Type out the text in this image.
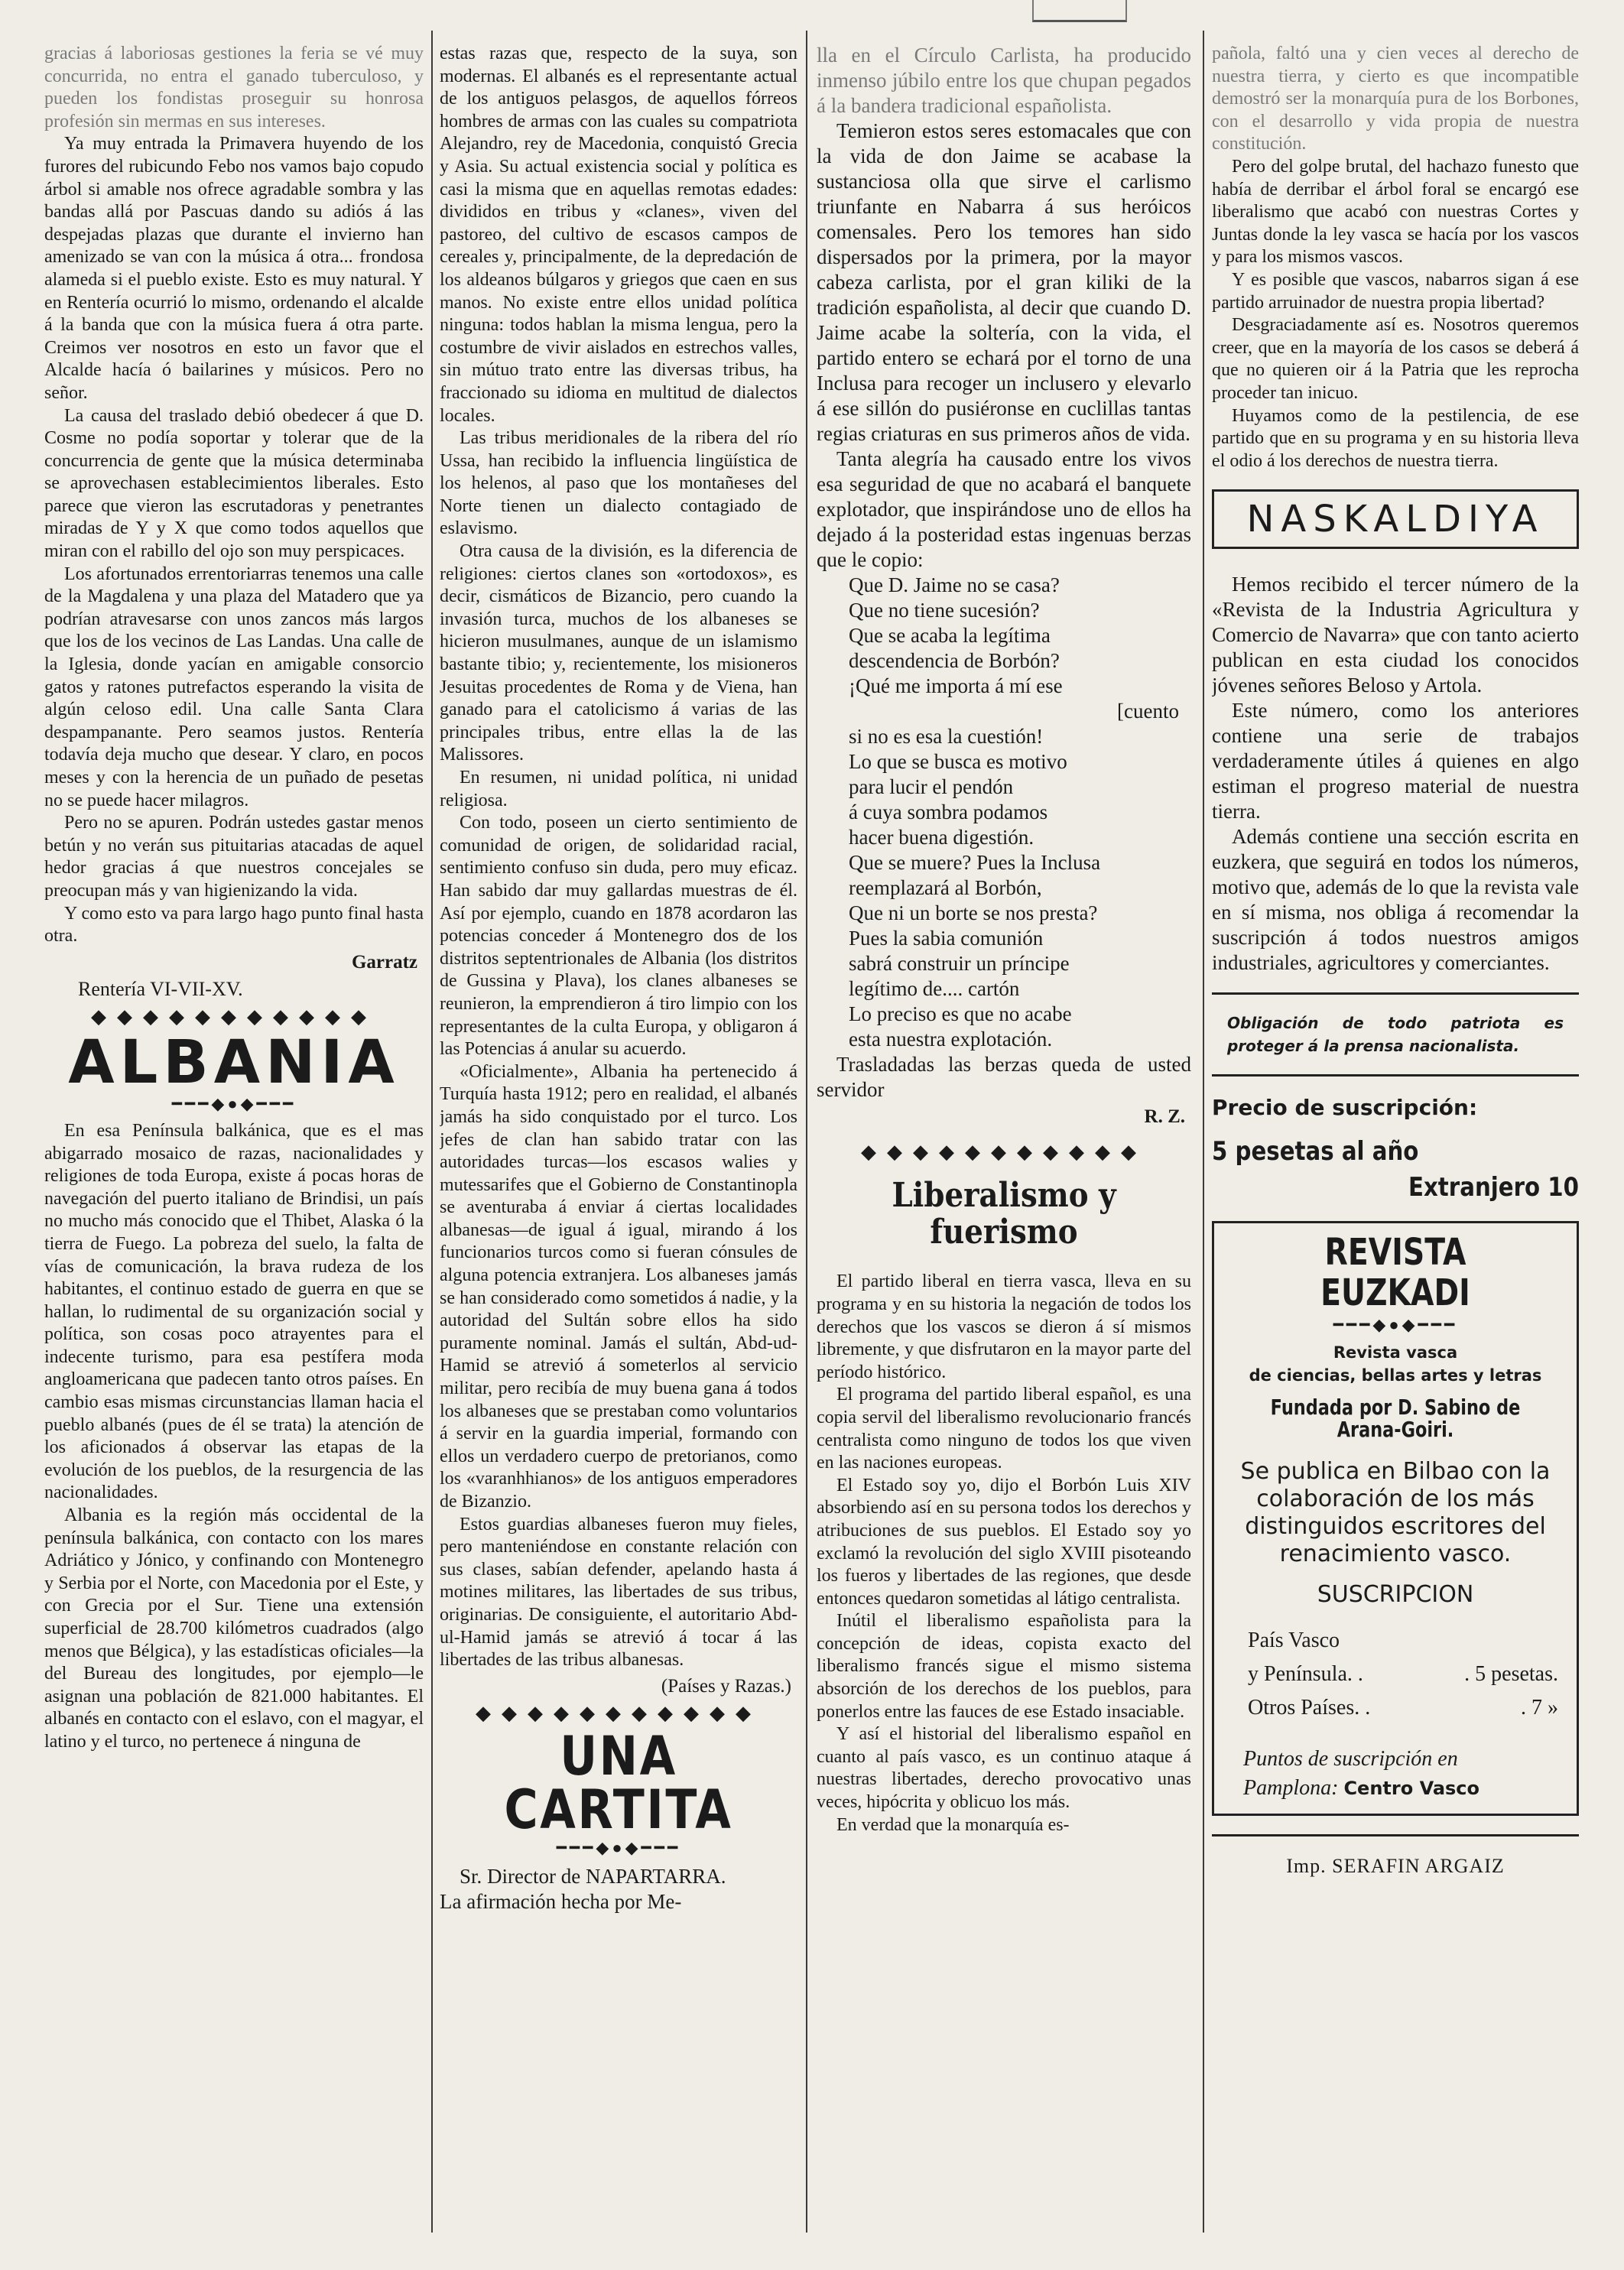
gracias á laboriosas gestiones la feria se vé muy concurrida, no entra el ganado tuberculoso, y pueden los fondistas proseguir su honrosa profesión sin mermas en sus intereses.

Ya muy entrada la Primavera huyendo de los furores del rubicundo Febo nos vamos bajo copudo árbol si amable nos ofrece agradable sombra y las bandas allá por Pascuas dando su adiós á las despejadas plazas que durante el invierno han amenizado se van con la música á otra... frondosa alameda si el pueblo existe. Esto es muy natural. Y en Rentería ocurrió lo mismo, ordenando el alcalde á la banda que con la música fuera á otra parte. Creimos ver nosotros en esto un favor que el Alcalde hacía ó bailarines y músicos. Pero no señor.

La causa del traslado debió obedecer á que D. Cosme no podía soportar y tolerar que de la concurrencia de gente que la música determinaba se aprovechasen establecimientos liberales. Esto parece que vieron las escrutadoras y penetrantes miradas de Y y X que como todos aquellos que miran con el rabillo del ojo son muy perspicaces.

Los afortunados errentoriarras tenemos una calle de la Magdalena y una plaza del Matadero que ya podrían atravesarse con unos zancos más largos que los de los vecinos de Las Landas. Una calle de la Iglesia, donde yacían en amigable consorcio gatos y ratones putrefactos esperando la visita de algún celoso edil. Una calle Santa Clara despampanante. Pero seamos justos. Rentería todavía deja mucho que desear. Y claro, en pocos meses y con la herencia de un puñado de pesetas no se puede hacer milagros.

Pero no se apuren. Podrán ustedes gastar menos betún y no verán sus pituitarias atacadas de aquel hedor gracias á que nuestros concejales se preocupan más y van higienizando la vida.

Y como esto va para largo hago punto final hasta otra.

Garratz

Rentería VI-VII-XV.

◆◆◆◆◆◆◆◆◆◆◆

ALBANIA

━━━◆●◆━━━

En esa Península balkánica, que es el mas abigarrado mosaico de razas, nacionalidades y religiones de toda Europa, existe á pocas horas de navegación del puerto italiano de Brindisi, un país no mucho más conocido que el Thibet, Alaska ó la tierra de Fuego. La pobreza del suelo, la falta de vías de comunicación, la brava rudeza de los habitantes, el continuo estado de guerra en que se hallan, lo rudimental de su organización social y política, son cosas poco atrayentes para el indecente turismo, para esa pestífera moda angloamericana que padecen tanto otros países. En cambio esas mismas circunstancias llaman hacia el pueblo albanés (pues de él se trata) la atención de los aficionados á observar las etapas de la evolución de los pueblos, de la resurgencia de las nacionalidades.

Albania es la región más occidental de la península balkánica, con contacto con los mares Adriático y Jónico, y confinando con Montenegro y Serbia por el Norte, con Macedonia por el Este, y con Grecia por el Sur. Tiene una extensión superficial de 28.700 kilómetros cuadrados (algo menos que Bélgica), y las estadísticas oficiales—la del Bureau des longitudes, por ejemplo—le asignan una población de 821.000 habitantes. El albanés en contacto con el eslavo, con el magyar, el latino y el turco, no pertenece á ninguna de

estas razas que, respecto de la suya, son modernas. El albanés es el representante actual de los antiguos pelasgos, de aquellos fórreos hombres de armas con las cuales su compatriota Alejandro, rey de Macedonia, conquistó Grecia y Asia. Su actual existencia social y política es casi la misma que en aquellas remotas edades: divididos en tribus y «clanes», viven del pastoreo, del cultivo de escasos campos de cereales y, principalmente, de la depredación de los aldeanos búlgaros y griegos que caen en sus manos. No existe entre ellos unidad política ninguna: todos hablan la misma lengua, pero la costumbre de vivir aislados en estrechos valles, sin mútuo trato entre las diversas tribus, ha fraccionado su idioma en multitud de dialectos locales.

Las tribus meridionales de la ribera del río Ussa, han recibido la influencia lingüística de los helenos, al paso que los montañeses del Norte tienen un dialecto contagiado de eslavismo.

Otra causa de la división, es la diferencia de religiones: ciertos clanes son «ortodoxos», es decir, cismáticos de Bizancio, pero cuando la invasión turca, muchos de los albaneses se hicieron musulmanes, aunque de un islamismo bastante tibio; y, recientemente, los misioneros Jesuitas procedentes de Roma y de Viena, han ganado para el catolicismo á varias de las principales tribus, entre ellas la de las Malissores.

En resumen, ni unidad política, ni unidad religiosa.

Con todo, poseen un cierto sentimiento de comunidad de origen, de solidaridad racial, sentimiento confuso sin duda, pero muy eficaz. Han sabido dar muy gallardas muestras de él. Así por ejemplo, cuando en 1878 acordaron las potencias conceder á Montenegro dos de los distritos septentrionales de Albania (los distritos de Gussina y Plava), los clanes albaneses se reunieron, la emprendieron á tiro limpio con los representantes de la culta Europa, y obligaron á las Potencias á anular su acuerdo.

«Oficialmente», Albania ha pertenecido á Turquía hasta 1912; pero en realidad, el albanés jamás ha sido conquistado por el turco. Los jefes de clan han sabido tratar con las autoridades turcas—los escasos walies y mutessarifes que el Gobierno de Constantinopla se aventuraba á enviar á ciertas localidades albanesas—de igual á igual, mirando á los funcionarios turcos como si fueran cónsules de alguna potencia extranjera. Los albaneses jamás se han considerado como sometidos á nadie, y la autoridad del Sultán sobre ellos ha sido puramente nominal. Jamás el sultán, Abd-ud-Hamid se atrevió á someterlos al servicio militar, pero recibía de muy buena gana á todos los albaneses que se prestaban como voluntarios á servir en la guardia imperial, formando con ellos un verdadero cuerpo de pretorianos, como los «varanhhianos» de los antiguos emperadores de Bizanzio.

Estos guardias albaneses fueron muy fieles, pero manteniéndose en constante relación con sus clases, sabían defender, apelando hasta á motines militares, las libertades de sus tribus, originarias. De consiguiente, el autoritario Abd-ul-Hamid jamás se atrevió á tocar á las libertades de las tribus albanesas.

(Países y Razas.)

◆◆◆◆◆◆◆◆◆◆◆

UNA CARTITA

━━━◆●◆━━━

Sr. Director de NAPARTARRA.

La afirmación hecha por Me-

lla en el Círculo Carlista, ha producido inmenso júbilo entre los que chupan pegados á la bandera tradicional españolista.

Temieron estos seres estomacales que con la vida de don Jaime se acabase la sustanciosa olla que sirve el carlismo triunfante en Nabarra á sus heróicos comensales. Pero los temores han sido dispersados por la primera, por la mayor cabeza carlista, por el gran kiliki de la tradición españolista, al decir que cuando D. Jaime acabe la soltería, con la vida, el partido entero se echará por el torno de una Inclusa para recoger un inclusero y elevarlo á ese sillón do pusiéronse en cuclillas tantas regias criaturas en sus primeros años de vida.

Tanta alegría ha causado entre los vivos esa seguridad de que no acabará el banquete explotador, que inspirándose uno de ellos ha dejado á la posteridad estas ingenuas berzas que le copio:

Que D. Jaime no se casa?

Que no tiene sucesión?

Que se acaba la legítima

descendencia de Borbón?

¡Qué me importa á mí ese

[cuento

si no es esa la cuestión!

Lo que se busca es motivo

para lucir el pendón

á cuya sombra podamos

hacer buena digestión.

Que se muere? Pues la Inclusa

reemplazará al Borbón,

Que ni un borte se nos presta?

Pues la sabia comunión

sabrá construir un príncipe

legítimo de.... cartón

Lo preciso es que no acabe

esta nuestra explotación.

Trasladadas las berzas queda de usted servidor

R. Z.

◆◆◆◆◆◆◆◆◆◆◆

Liberalismo y fuerismo

El partido liberal en tierra vasca, lleva en su programa y en su historia la negación de todos los derechos que los vascos se dieron á sí mismos libremente, y que disfrutaron en la mayor parte del período histórico.

El programa del partido liberal español, es una copia servil del liberalismo revolucionario francés centralista como ninguno de todos los que viven en las naciones europeas.

El Estado soy yo, dijo el Borbón Luis XIV absorbiendo así en su persona todos los derechos y atribuciones de sus pueblos. El Estado soy yo exclamó la revolución del siglo XVIII pisoteando los fueros y libertades de las regiones, que desde entonces quedaron sometidas al látigo centralista.

Inútil el liberalismo españolista para la concepción de ideas, copista exacto del liberalismo francés sigue el mismo sistema absorción de los derechos de los pueblos, para ponerlos entre las fauces de ese Estado insaciable.

Y así el historial del liberalismo español en cuanto al país vasco, es un continuo ataque á nuestras libertades, derecho provocativo unas veces, hipócrita y oblicuo los más.

En verdad que la monarquía es-

pañola, faltó una y cien veces al derecho de nuestra tierra, y cierto es que incompatible demostró ser la monarquía pura de los Borbones, con el desarrollo y vida propia de nuestra constitución.

Pero del golpe brutal, del hachazo funesto que había de derribar el árbol foral se encargó ese liberalismo que acabó con nuestras Cortes y Juntas donde la ley vasca se hacía por los vascos y para los mismos vascos.

Y es posible que vascos, nabarros sigan á ese partido arruinador de nuestra propia libertad?

Desgraciadamente así es. Nosotros queremos creer, que en la mayoría de los casos se deberá á que no quieren oir á la Patria que les reprocha proceder tan inicuo.

Huyamos como de la pestilencia, de ese partido que en su programa y en su historia lleva el odio á los derechos de nuestra tierra.

NASKALDIYA

Hemos recibido el tercer número de la «Revista de la Industria Agricultura y Comercio de Navarra» que con tanto acierto publican en esta ciudad los conocidos jóvenes señores Beloso y Artola.

Este número, como los anteriores contiene una serie de trabajos verdaderamente útiles á quienes en algo estiman el progreso material de nuestra tierra.

Además contiene una sección escrita en euzkera, que seguirá en todos los números, motivo que, además de lo que la revista vale en sí misma, nos obliga á recomendar la suscripción á todos nuestros amigos industriales, agricultores y comerciantes.

Obligación de todo patriota es proteger á la prensa nacionalista.

Precio de suscripción:

5 pesetas al año

Extranjero 10

REVISTA EUZKADI

━━━◆●◆━━━

Revista vasca
de ciencias, bellas artes y letras
Fundada por D. Sabino de Arana-Goiri.
Se publica en Bilbao con la colaboración de los más distinguidos escritores del renacimiento vasco.
SUSCRIPCION
País Vasco
y Península. .	. 5 pesetas.
Otros Países. .	. 7 »
Puntos de suscripción en
Pamplona: Centro Vasco

Imp. SERAFIN ARGAIZ
